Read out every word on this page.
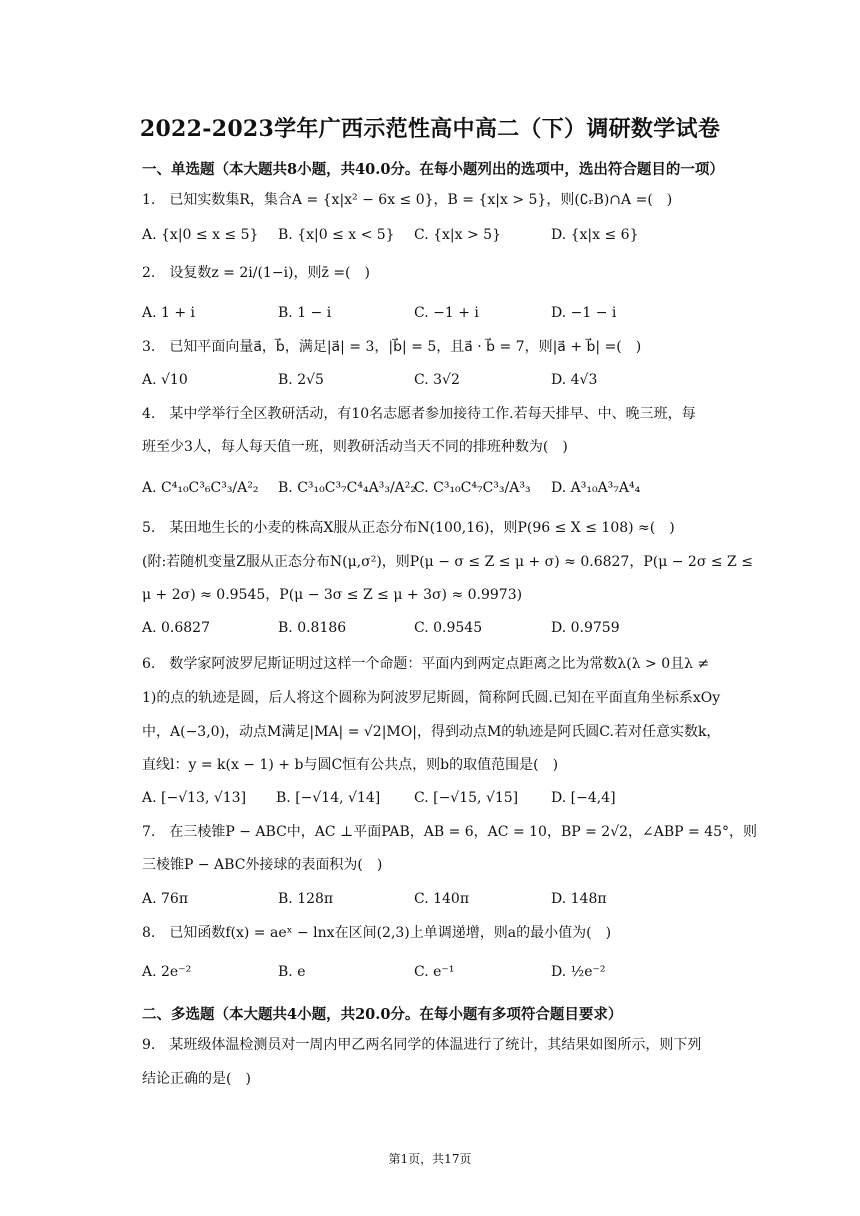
2022-2023学年广西示范性高中高二（下）调研数学试卷
一、单选题（本大题共8小题，共40.0分。在每小题列出的选项中，选出符合题目的一项）
1.　已知实数集R，集合A = {x|x² − 6x ≤ 0}，B = {x|x > 5}，则(∁ᵣB)∩A =(　)
A. {x|0 ≤ x ≤ 5} B. {x|0 ≤ x < 5} C. {x|x > 5}	D. {x|x ≤ 6}
2.　设复数z = 2i/(1−i)，则z̄ =(　)
A. 1 + i	B. 1 − i	C. −1 + i	D. −1 − i
3.　已知平面向量a⃗，b⃗，满足|a⃗| = 3，|b⃗| = 5，且a⃗ · b⃗ = 7，则|a⃗ + b⃗| =(　)
A. √10	B. 2√5	C. 3√2	D. 4√3
4.　某中学举行全区教研活动，有10名志愿者参加接待工作.若每天排早、中、晚三班，每
班至少3人，每人每天值一班，则教研活动当天不同的排班种数为(　)
A. C⁴₁₀C³₆C³₃/A²₂ B. C³₁₀C³₇C⁴₄A³₃/A²₂
C. C³₁₀C⁴₇C³₃/A³₃ D. A³₁₀A³₇A⁴₄
5.　某田地生长的小麦的株高X服从正态分布N(100,16)，则P(96 ≤ X ≤ 108) ≈(　)
(附:若随机变量Z服从正态分布N(μ,σ²)，则P(μ − σ ≤ Z ≤ μ + σ) ≈ 0.6827，P(μ − 2σ ≤ Z ≤
μ + 2σ) ≈ 0.9545，P(μ − 3σ ≤ Z ≤ μ + 3σ) ≈ 0.9973)
A. 0.6827	B. 0.8186	C. 0.9545	D. 0.9759
6.　数学家阿波罗尼斯证明过这样一个命题：平面内到两定点距离之比为常数λ(λ > 0且λ ≠
1)的点的轨迹是圆，后人将这个圆称为阿波罗尼斯圆，简称阿氏圆.已知在平面直角坐标系xOy
中，A(−3,0)，动点M满足|MA| = √2|MO|，得到动点M的轨迹是阿氏圆C.若对任意实数k，
直线l：y = k(x − 1) + b与圆C恒有公共点，则b的取值范围是(　)
A. [−√13, √13] B. [−√14, √14] C. [−√15, √15] D. [−4,4]
7.　在三棱锥P − ABC中，AC ⊥平面PAB，AB = 6，AC = 10，BP = 2√2，∠ABP = 45°，则
三棱锥P − ABC外接球的表面积为(　)
A. 76π	B. 128π	C. 140π	D. 148π
8.　已知函数f(x) = aeˣ − lnx在区间(2,3)上单调递增，则a的最小值为(　)
A. 2e⁻²	B. e	C. e⁻¹	D. ½e⁻²
二、多选题（本大题共4小题，共20.0分。在每小题有多项符合题目要求）
9.　某班级体温检测员对一周内甲乙两名同学的体温进行了统计，其结果如图所示，则下列
结论正确的是(　)
第1页，共17页
